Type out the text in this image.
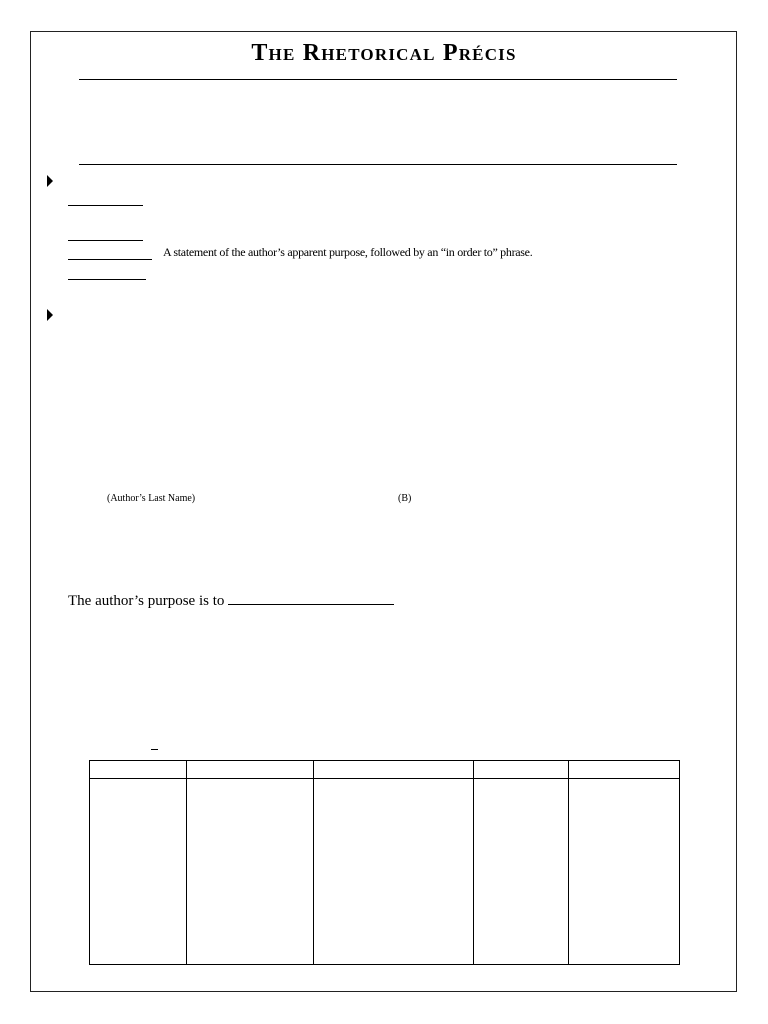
The Rhetorical Précis
A statement of the author’s apparent purpose, followed by an “in order to” phrase.
(Author’s Last Name)	(B)
The author’s purpose is to
